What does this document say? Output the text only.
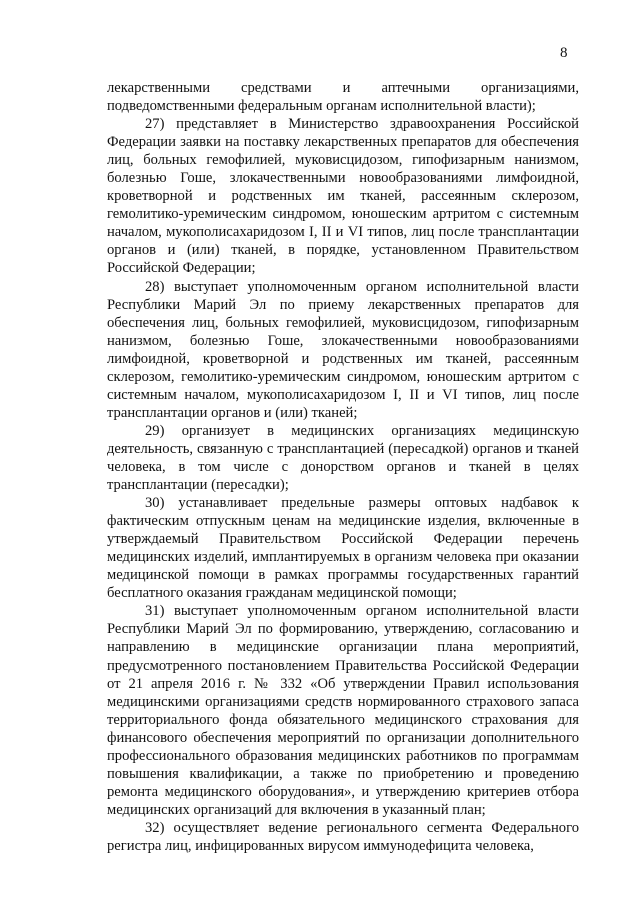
8

лекарственными средствами и аптечными организациями, подведомственными федеральным органам исполнительной власти);

27) представляет в Министерство здравоохранения Российской Федерации заявки на поставку лекарственных препаратов для обеспечения лиц, больных гемофилией, муковисцидозом, гипофизарным нанизмом, болезнью Гоше, злокачественными новообразованиями лимфоидной, кроветворной и родственных им тканей, рассеянным склерозом, гемолитико-уремическим синдромом, юношеским артритом с системным началом, мукополисахаридозом I, II и VI типов, лиц после трансплантации органов и (или) тканей, в порядке, установленном Правительством Российской Федерации;

28) выступает уполномоченным органом исполнительной власти Республики Марий Эл по приему лекарственных препаратов для обеспечения лиц, больных гемофилией, муковисцидозом, гипофизарным нанизмом, болезнью Гоше, злокачественными новообразованиями лимфоидной, кроветворной и родственных им тканей, рассеянным склерозом, гемолитико-уремическим синдромом, юношеским артритом с системным началом, мукополисахаридозом I, II и VI типов, лиц после трансплантации органов и (или) тканей;

29) организует в медицинских организациях медицинскую деятельность, связанную с трансплантацией (пересадкой) органов и тканей человека, в том числе с донорством органов и тканей в целях трансплантации (пересадки);

30) устанавливает предельные размеры оптовых надбавок к фактическим отпускным ценам на медицинские изделия, включенные в утверждаемый Правительством Российской Федерации перечень медицинских изделий, имплантируемых в организм человека при оказании медицинской помощи в рамках программы государственных гарантий бесплатного оказания гражданам медицинской помощи;

31) выступает уполномоченным органом исполнительной власти Республики Марий Эл по формированию, утверждению, согласованию и направлению в медицинские организации плана мероприятий, предусмотренного постановлением Правительства Российской Федерации от 21 апреля 2016 г. № 332 «Об утверждении Правил использования медицинскими организациями средств нормированного страхового запаса территориального фонда обязательного медицинского страхования для финансового обеспечения мероприятий по организации дополнительного профессионального образования медицинских работников по программам повышения квалификации, а также по приобретению и проведению ремонта медицинского оборудования», и утверждению критериев отбора медицинских организаций для включения в указанный план;

32) осуществляет ведение регионального сегмента Федерального регистра лиц, инфицированных вирусом иммунодефицита человека,
